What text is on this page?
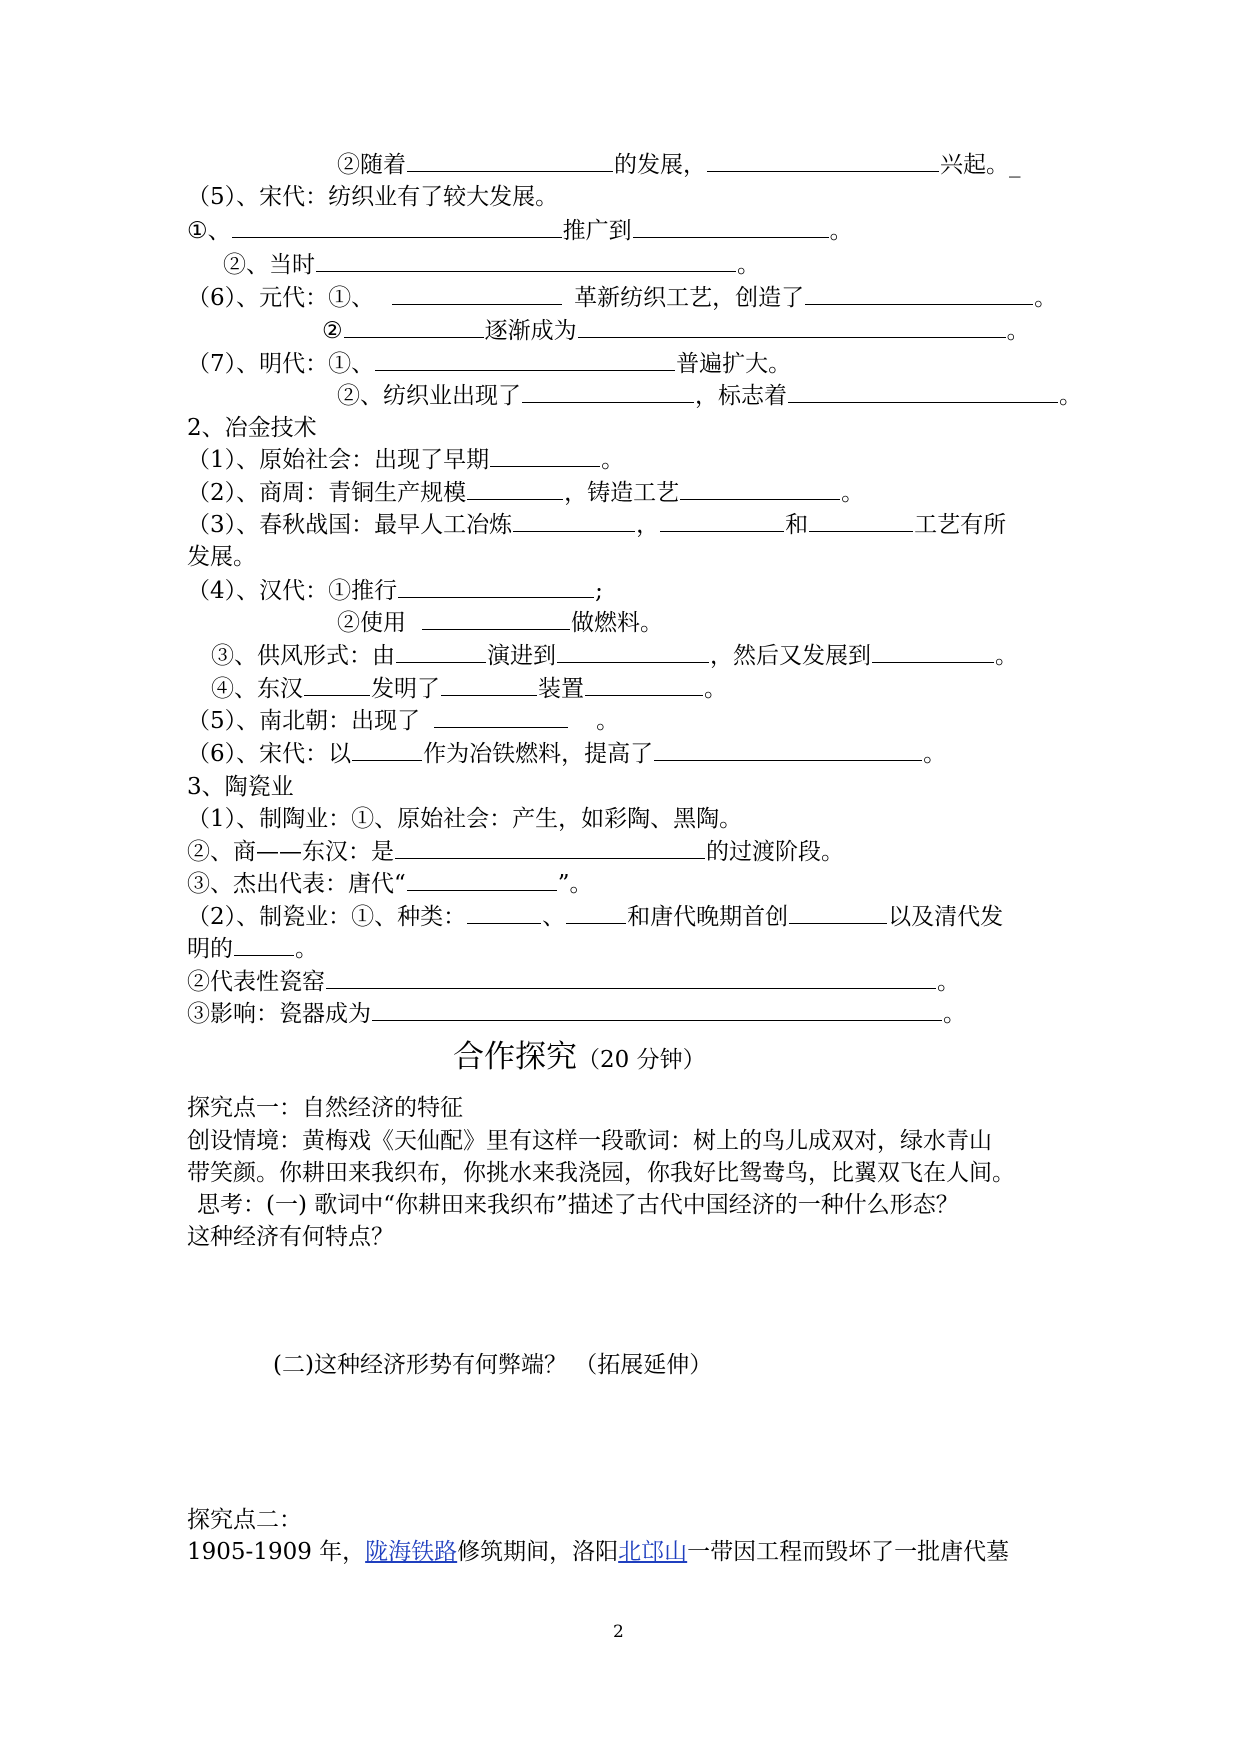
②随着	的发展，	兴起。_
（5）、宋代：纺织业有了较大发展。
①、	推广到	。
②、当时	。
（6）、元代：①、	革新纺织工艺，创造了	。
②	逐渐成为	。
（7）、明代：①、	普遍扩大。
②、纺织业出现了	，标志着	。
2、冶金技术
（1）、原始社会：出现了早期	。
（2）、商周：青铜生产规模	，铸造工艺	。
（3）、春秋战国：最早人工冶炼	，	和	工艺有所
发展。
（4）、汉代：①推行	;
②使用	做燃料。
③、供风形式：由	演进到	，然后又发展到	。
④、东汉	发明了	装置	。
（5）、南北朝：出现了	。
（6）、宋代：以	作为冶铁燃料，提高了	。
3、陶瓷业
（1）、制陶业：①、原始社会：产生，如彩陶、黑陶。
②、商——东汉：是	的过渡阶段。
③、杰出代表：唐代“	”。
（2）、制瓷业：①、种类：	、	和唐代晚期首创	以及清代发
明的	。
②代表性瓷窑	。
③影响：瓷器成为	。
合作探究（20 分钟）
探究点一：自然经济的特征
创设情境：黄梅戏《天仙配》里有这样一段歌词：树上的鸟儿成双对，绿水青山
带笑颜。你耕田来我织布，你挑水来我浇园，你我好比鸳鸯鸟，比翼双飞在人间。
思考：(一) 歌词中“你耕田来我织布”描述了古代中国经济的一种什么形态？
这种经济有何特点？
(二)这种经济形势有何弊端？ （拓展延伸）
探究点二：
1905-1909 年，陇海铁路修筑期间，洛阳北邙山一带因工程而毁坏了一批唐代墓
2
